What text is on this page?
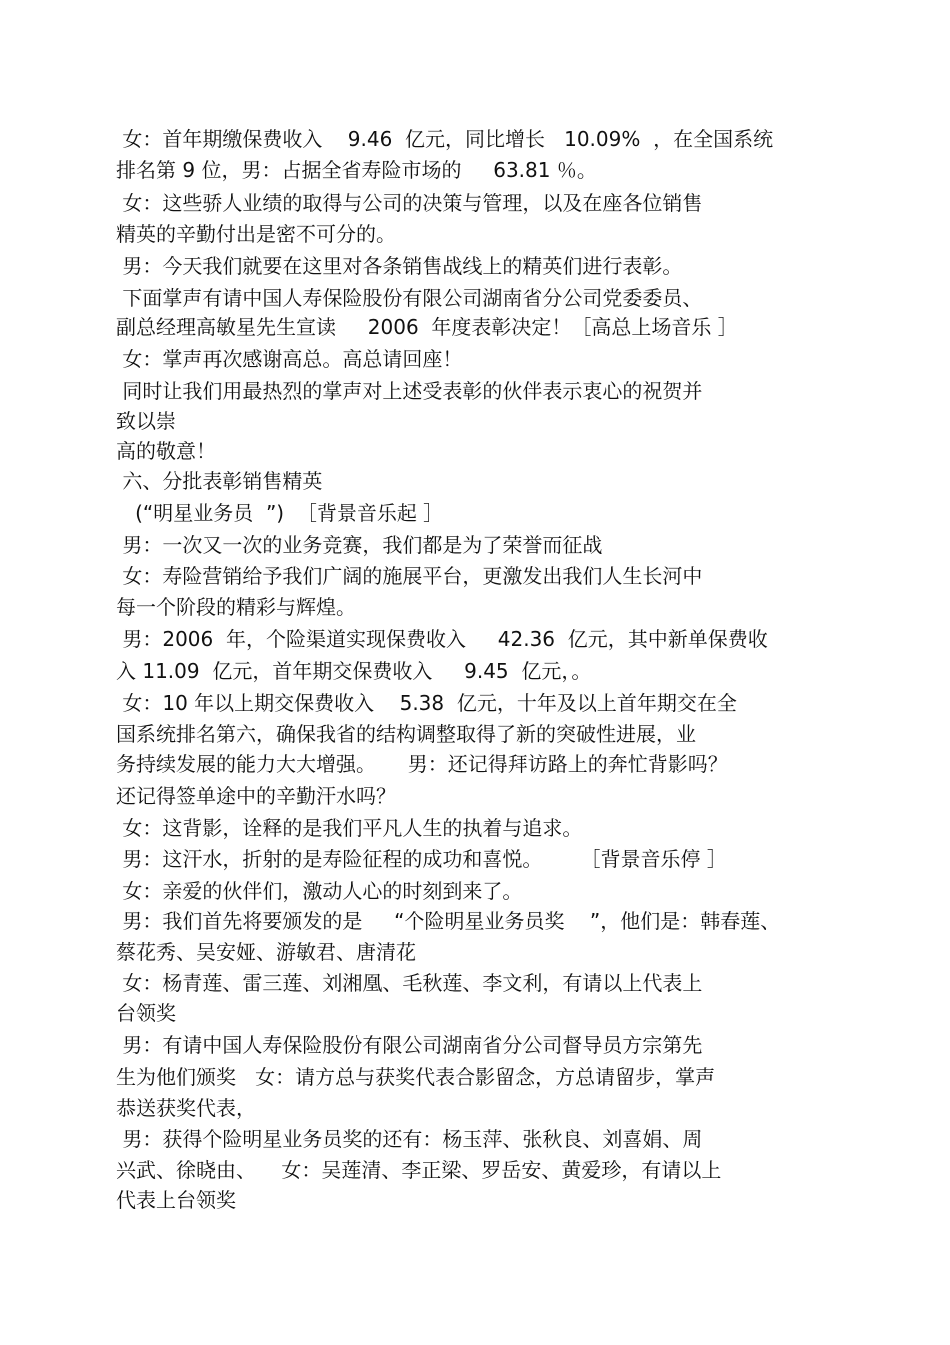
女：首年期缴保费收入    9.46  亿元，同比增长   10.09%  ，在全国系统

排名第 9 位，男：占据全省寿险市场的     63.81 ％。

女：这些骄人业绩的取得与公司的决策与管理，以及在座各位销售

精英的辛勤付出是密不可分的。

男：今天我们就要在这里对各条销售战线上的精英们进行表彰。

下面掌声有请中国人寿保险股份有限公司湖南省分公司党委委员、

副总经理高敏星先生宣读     2006  年度表彰决定！［高总上场音乐 ］

女：掌声再次感谢高总。高总请回座！

同时让我们用最热烈的掌声对上述受表彰的伙伴表示衷心的祝贺并

致以崇

高的敬意！

六、分批表彰销售精英

(“明星业务员  ”)  ［背景音乐起 ］

男：一次又一次的业务竞赛，我们都是为了荣誉而征战

女：寿险营销给予我们广阔的施展平台，更激发出我们人生长河中

每一个阶段的精彩与辉煌。

男：2006  年，个险渠道实现保费收入     42.36  亿元，其中新单保费收

入 11.09  亿元，首年期交保费收入     9.45  亿元，。

女：10 年以上期交保费收入    5.38  亿元，十年及以上首年期交在全

国系统排名第六，确保我省的结构调整取得了新的突破性进展，业

务持续发展的能力大大增强。     男：还记得拜访路上的奔忙背影吗？

还记得签单途中的辛勤汗水吗？

女：这背影，诠释的是我们平凡人生的执着与追求。

男：这汗水，折射的是寿险征程的成功和喜悦。      ［背景音乐停 ］

女：亲爱的伙伴们，激动人心的时刻到来了。

男：我们首先将要颁发的是     “个险明星业务员奖    ”，他们是：韩春莲、

蔡花秀、吴安娅、游敏君、唐清花

女：杨青莲、雷三莲、刘湘凰、毛秋莲、李文利，有请以上代表上

台领奖

男：有请中国人寿保险股份有限公司湖南省分公司督导员方宗第先

生为他们颁奖   女：请方总与获奖代表合影留念，方总请留步，掌声

恭送获奖代表，

男：获得个险明星业务员奖的还有：杨玉萍、张秋良、刘喜娟、周

兴武、徐晓由、    女：吴莲清、李正梁、罗岳安、黄爱珍，有请以上

代表上台领奖
